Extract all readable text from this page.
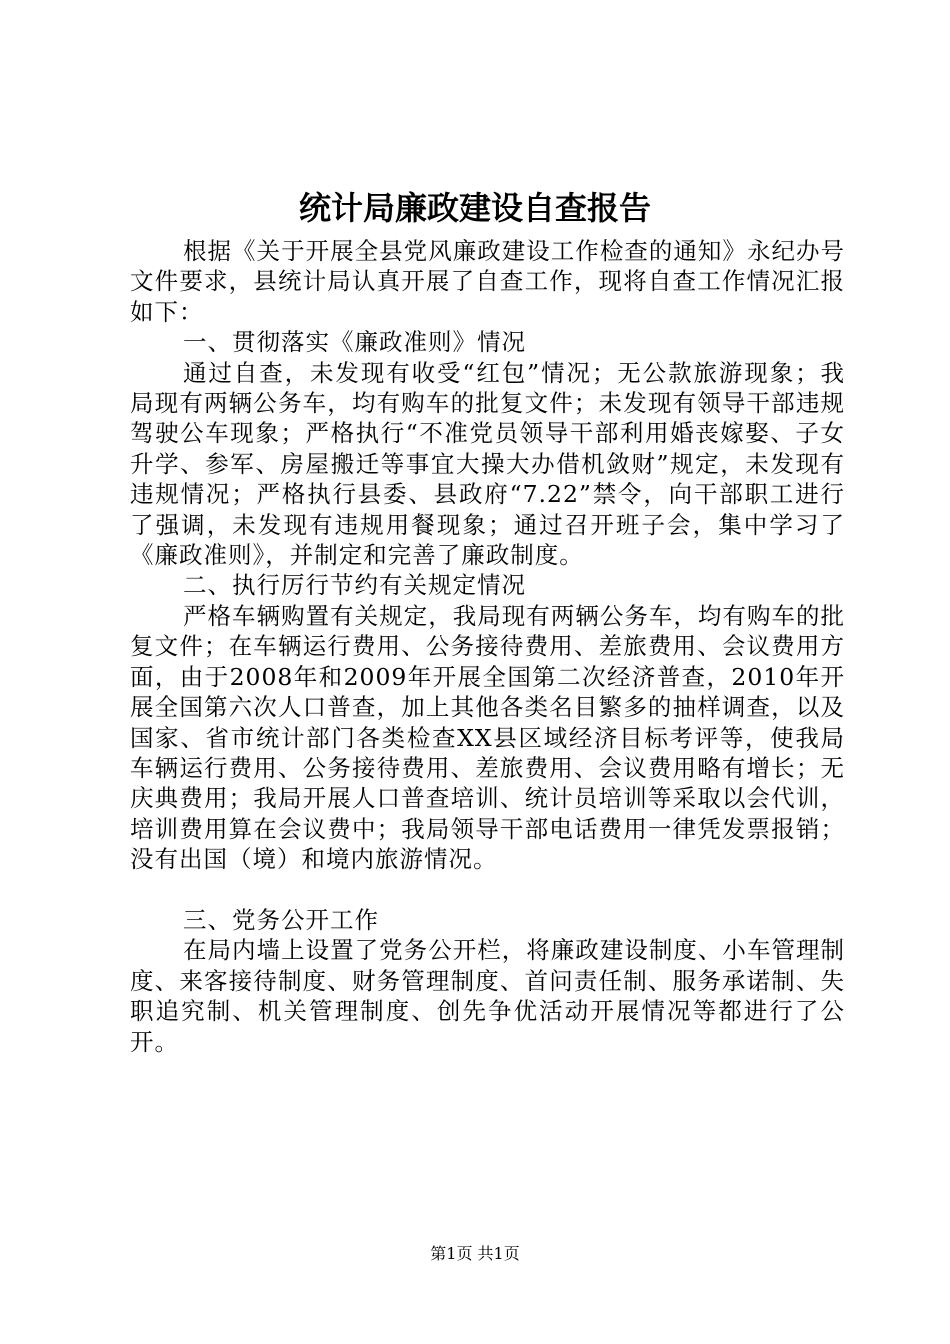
统计局廉政建设自查报告

根据《关于开展全县党风廉政建设工作检查的通知》永纪办号文件要求，县统计局认真开展了自查工作，现将自查工作情况汇报如下：

一、贯彻落实《廉政准则》情况

通过自查，未发现有收受“红包”情况；无公款旅游现象；我局现有两辆公务车，均有购车的批复文件；未发现有领导干部违规驾驶公车现象；严格执行“不准党员领导干部利用婚丧嫁娶、子女升学、参军、房屋搬迁等事宜大操大办借机敛财”规定，未发现有违规情况；严格执行县委、县政府“7.22”禁令，向干部职工进行了强调，未发现有违规用餐现象；通过召开班子会，集中学习了《廉政准则》，并制定和完善了廉政制度。

二、执行厉行节约有关规定情况

严格车辆购置有关规定，我局现有两辆公务车，均有购车的批复文件；在车辆运行费用、公务接待费用、差旅费用、会议费用方面，由于2008年和2009年开展全国第二次经济普查，2010年开展全国第六次人口普查，加上其他各类名目繁多的抽样调查，以及国家、省市统计部门各类检查XX县区域经济目标考评等，使我局车辆运行费用、公务接待费用、差旅费用、会议费用略有增长；无庆典费用；我局开展人口普查培训、统计员培训等采取以会代训，培训费用算在会议费中；我局领导干部电话费用一律凭发票报销；没有出国（境）和境内旅游情况。

三、党务公开工作

在局内墙上设置了党务公开栏，将廉政建设制度、小车管理制度、来客接待制度、财务管理制度、首问责任制、服务承诺制、失职追究制、机关管理制度、创先争优活动开展情况等都进行了公开。

第1页 共1页
